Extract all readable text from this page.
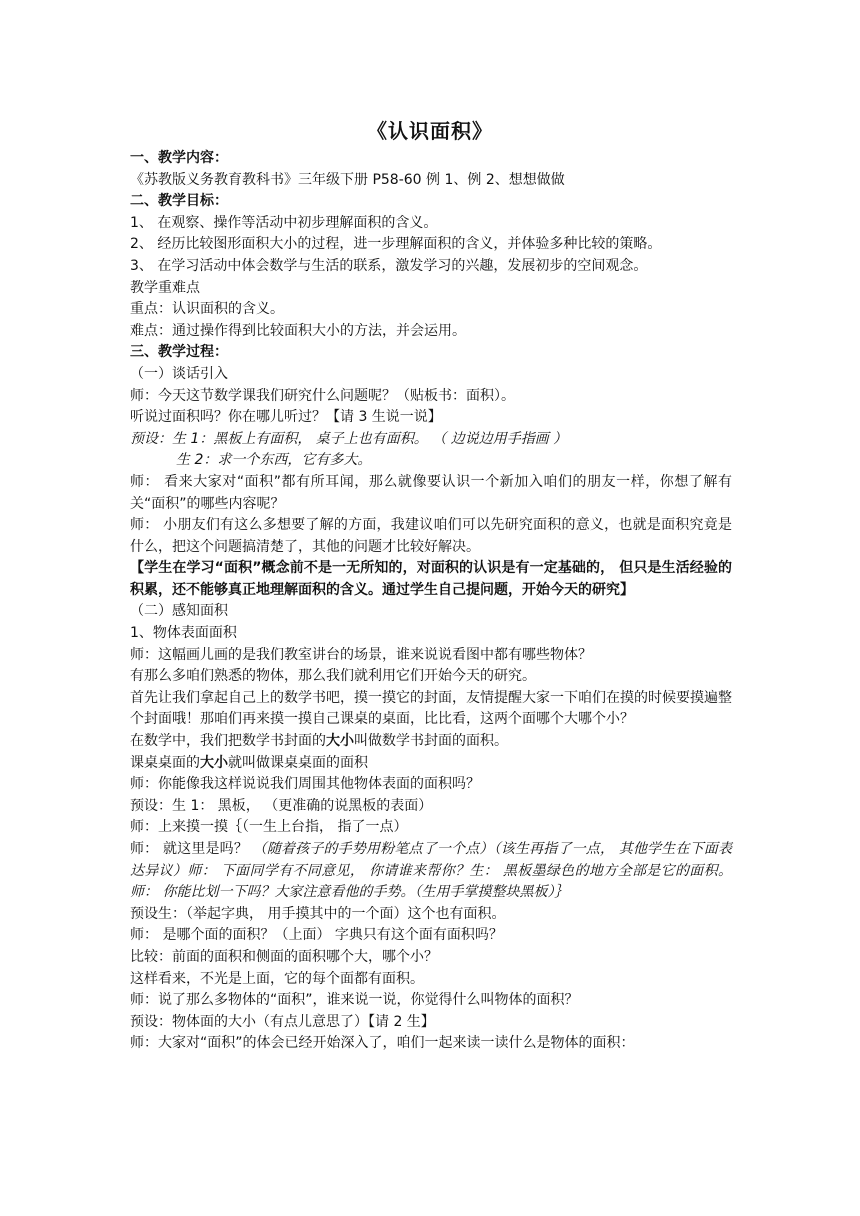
《认识面积》
一、教学内容：
《苏教版义务教育教科书》三年级下册 P58-60 例 1、例 2、想想做做
二、教学目标：
1、 在观察、操作等活动中初步理解面积的含义。
2、 经历比较图形面积大小的过程，进一步理解面积的含义，并体验多种比较的策略。
3、 在学习活动中体会数学与生活的联系，激发学习的兴趣，发展初步的空间观念。
教学重难点
重点：认识面积的含义。
难点：通过操作得到比较面积大小的方法，并会运用。
三、教学过程：
（一）谈话引入
师：今天这节数学课我们研究什么问题呢？（贴板书：面积）。
听说过面积吗？你在哪儿听过？【请 3 生说一说】
预设：生 1：黑板上有面积， 桌子上也有面积。 （ 边说边用手指画 ）
生 2：求一个东西，它有多大。
师： 看来大家对“面积”都有所耳闻，那么就像要认识一个新加入咱们的朋友一样，你想了解有关“面积”的哪些内容呢？
师： 小朋友们有这么多想要了解的方面，我建议咱们可以先研究面积的意义，也就是面积究竟是什么，把这个问题搞清楚了，其他的问题才比较好解决。
【学生在学习“面积”概念前不是一无所知的，对面积的认识是有一定基础的， 但只是生活经验的积累，还不能够真正地理解面积的含义。通过学生自己提问题，开始今天的研究】
（二）感知面积
1、物体表面面积
师：这幅画儿画的是我们教室讲台的场景，谁来说说看图中都有哪些物体？
有那么多咱们熟悉的物体，那么我们就利用它们开始今天的研究。
首先让我们拿起自己上的数学书吧，摸一摸它的封面，友情提醒大家一下咱们在摸的时候要摸遍整个封面哦！那咱们再来摸一摸自己课桌的桌面，比比看，这两个面哪个大哪个小？
在数学中，我们把数学书封面的大小叫做数学书封面的面积。
课桌桌面的大小就叫做课桌桌面的面积
师：你能像我这样说说我们周围其他物体表面的面积吗？
预设：生 1： 黑板， （更准确的说黑板的表面）
师：上来摸一摸｛（一生上台指， 指了一点）
师： 就这里是吗？ （随着孩子的手势用粉笔点了一个点）（该生再指了一点， 其他学生在下面表达异议）师： 下面同学有不同意见， 你请谁来帮你？生： 黑板墨绿色的地方全部是它的面积。师： 你能比划一下吗？大家注意看他的手势。（生用手掌摸整块黑板）｝
预设生：（举起字典， 用手摸其中的一个面）这个也有面积。
师： 是哪个面的面积？（上面） 字典只有这个面有面积吗？
比较：前面的面积和侧面的面积哪个大，哪个小？
这样看来，不光是上面，它的每个面都有面积。
师：说了那么多物体的“面积”，谁来说一说，你觉得什么叫物体的面积？
预设：物体面的大小（有点儿意思了）【请 2 生】
师：大家对“面积”的体会已经开始深入了，咱们一起来读一读什么是物体的面积：
